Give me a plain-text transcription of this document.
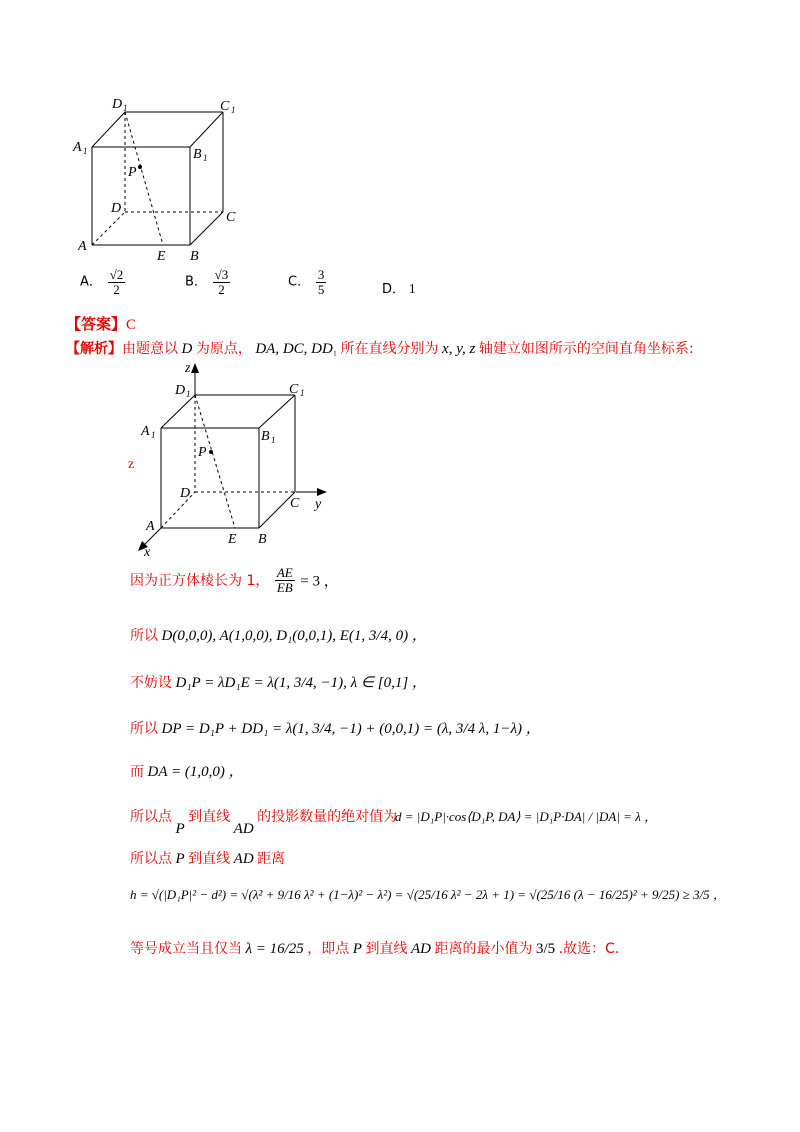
D 1	C 1
A 1	B 1
P
D
C
A
E B
A． $\frac{√2}{2}$	B． $\frac{√3}{2}$	C． $\frac{3}{5}$	D． 1
【答案】C
【解析】由题意以 D 为原点， DA, DC, DD₁ 所在直线分别为 x, y, z 轴建立如图所示的空间直角坐标系:
z
y
x
D 1	C 1
A 1	B 1
P
D
C
A
E B
z
因为正方体棱长为 1， $\frac{AE}{EB} = 3$ ，
所以 D(0,0,0), A(1,0,0), D₁(0,0,1), E(1, 3/4, 0) ，
不妨设 D₁P = λD₁E = λ(1, 3/4, −1), λ ∈ [0,1] ，
所以 DP = D₁P + DD₁ = λ(1, 3/4, −1) + (0,0,1) = (λ, 3/4 λ, 1−λ) ，
而 DA = (1,0,0) ，
所以点 P 到直线 AD 的投影数量的绝对值为
d = |D₁P|·cos⟨D₁P, DA⟩ = |D₁P·DA| / |DA| = λ ，
所以点 P 到直线 AD 距离
h = √(|D₁P|² − d²) = √(λ² + 9/16 λ² + (1−λ)² − λ²) = √(25/16 λ² − 2λ + 1) = √(25/16 (λ − 16/25)² + 9/25) ≥ 3/5 ，
等号成立当且仅当 λ = 16/25 ，即点 P 到直线 AD 距离的最小值为 3/5 .故选：C.
